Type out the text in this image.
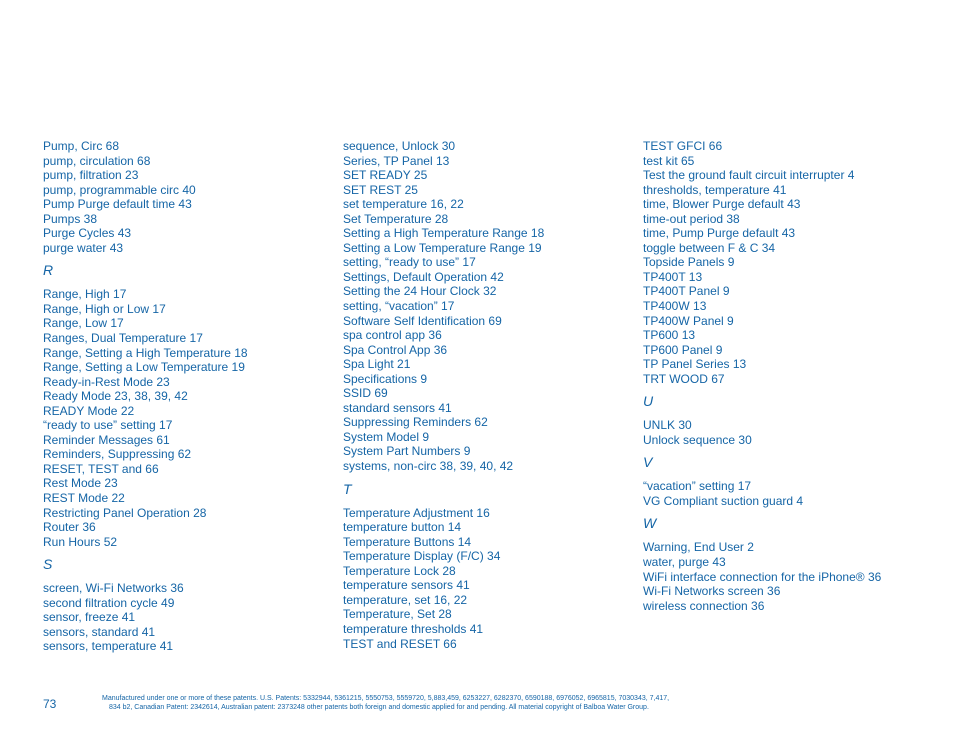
Pump, Circ 68
pump, circulation 68
pump, filtration 23
pump, programmable circ 40
Pump Purge default time 43
Pumps 38
Purge Cycles 43
purge water 43
R
Range, High 17
Range, High or Low 17
Range, Low 17
Ranges, Dual Temperature 17
Range, Setting a High Temperature 18
Range, Setting a Low Temperature 19
Ready-in-Rest Mode 23
Ready Mode 23, 38, 39, 42
READY Mode 22
“ready to use” setting 17
Reminder Messages 61
Reminders, Suppressing 62
RESET, TEST and 66
Rest Mode 23
REST Mode 22
Restricting Panel Operation 28
Router 36
Run Hours 52
S
screen, Wi-Fi Networks 36
second filtration cycle 49
sensor, freeze 41
sensors, standard 41
sensors, temperature 41
sequence, Unlock 30
Series, TP Panel 13
SET READY 25
SET REST 25
set temperature 16, 22
Set Temperature 28
Setting a High Temperature Range 18
Setting a Low Temperature Range 19
setting, “ready to use” 17
Settings, Default Operation 42
Setting the 24 Hour Clock 32
setting, “vacation” 17
Software Self Identification 69
spa control app 36
Spa Control App 36
Spa Light 21
Specifications 9
SSID 69
standard sensors 41
Suppressing Reminders 62
System Model 9
System Part Numbers 9
systems, non-circ 38, 39, 40, 42
T
Temperature Adjustment 16
temperature button 14
Temperature Buttons 14
Temperature Display (F/C) 34
Temperature Lock 28
temperature sensors 41
temperature, set 16, 22
Temperature, Set 28
temperature thresholds 41
TEST and RESET 66
TEST GFCI 66
test kit 65
Test the ground fault circuit interrupter 4
thresholds, temperature 41
time, Blower Purge default 43
time-out period 38
time, Pump Purge default 43
toggle between F & C 34
Topside Panels 9
TP400T 13
TP400T Panel 9
TP400W 13
TP400W Panel 9
TP600 13
TP600 Panel 9
TP Panel Series 13
TRT WOOD 67
U
UNLK 30
Unlock sequence 30
V
“vacation” setting 17
VG Compliant suction guard 4
W
Warning, End User 2
water, purge 43
WiFi interface connection for the iPhone® 36
Wi-Fi Networks screen 36
wireless connection 36
73	Manufactured under one or more of these patents. U.S. Patents: 5332944, 5361215, 5550753, 5559720, 5,883,459, 6253227, 6282370, 6590188, 6976052, 6965815, 7030343, 7,417,
834 b2, Canadian Patent: 2342614, Australian patent: 2373248 other patents both foreign and domestic applied for and pending. All material copyright of Balboa Water Group.
